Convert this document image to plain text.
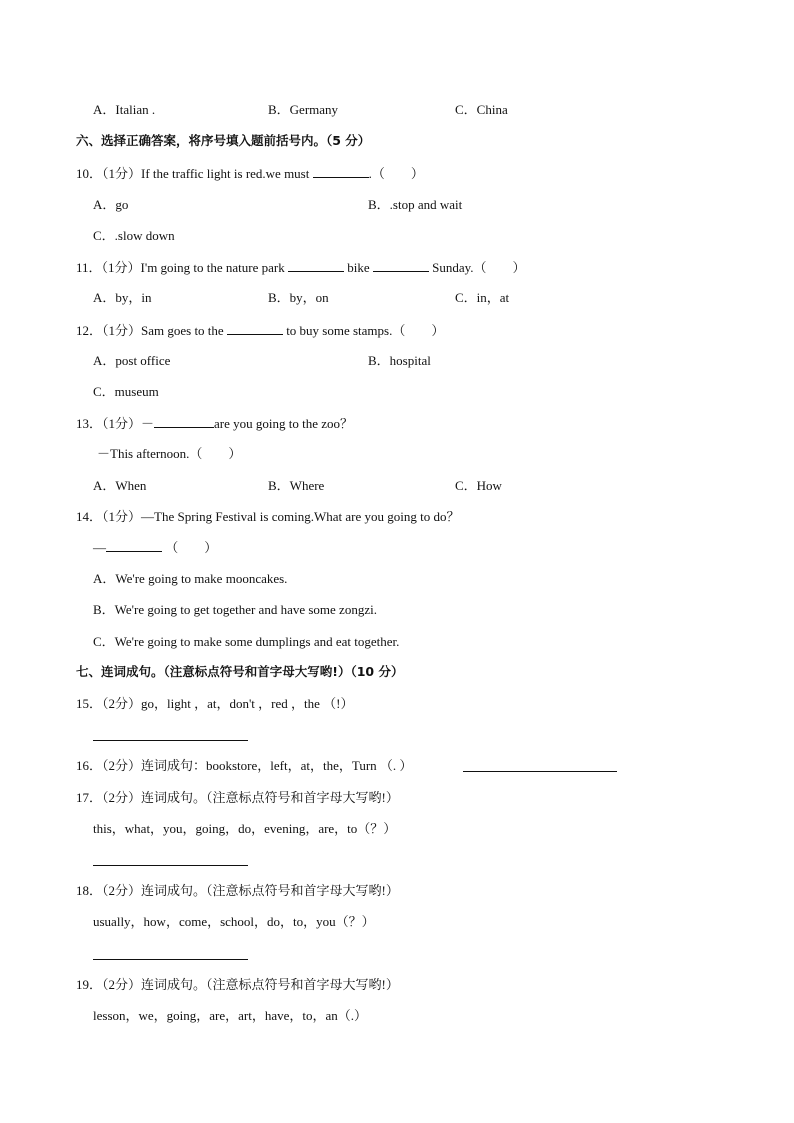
A．Italian .	B．Germany	C．China
六、选择正确答案，将序号填入题前括号内。（5 分）
10．（1分）If the traffic light is red.we must	.（　　）
A．go	B．.stop and wait
C．.slow down
11．（1分）I'm going to the nature park	bike	Sunday.（　　）
A．by，in	B．by，on	C．in，at
12．（1分）Sam goes to the	to buy some stamps.（　　）
A．post office	B．hospital
C．museum
13．（1分）－	are you going to the zoo？
－This afternoon.（　　）
A．When	B．Where	C．How
14．（1分）—The Spring Festival is coming.What are you going to do？
—	（　　）
A．We're going to make mooncakes.
B．We're going to get together and have some zongzi.
C．We're going to make some dumplings and eat together.
七、连词成句。（注意标点符号和首字母大写哟!）（10 分）
15．（2分）go，light ，at，don't ，red ，the （!）
16．（2分）连词成句：bookstore，left，at，the，Turn （. ）
17．（2分）连词成句。（注意标点符号和首字母大写哟!）
this，what，you，going，do，evening，are，to（？）
18．（2分）连词成句。（注意标点符号和首字母大写哟!）
usually，how，come，school，do，to，you（？）
19．（2分）连词成句。（注意标点符号和首字母大写哟!）
lesson，we，going，are，art，have，to，an（.）
